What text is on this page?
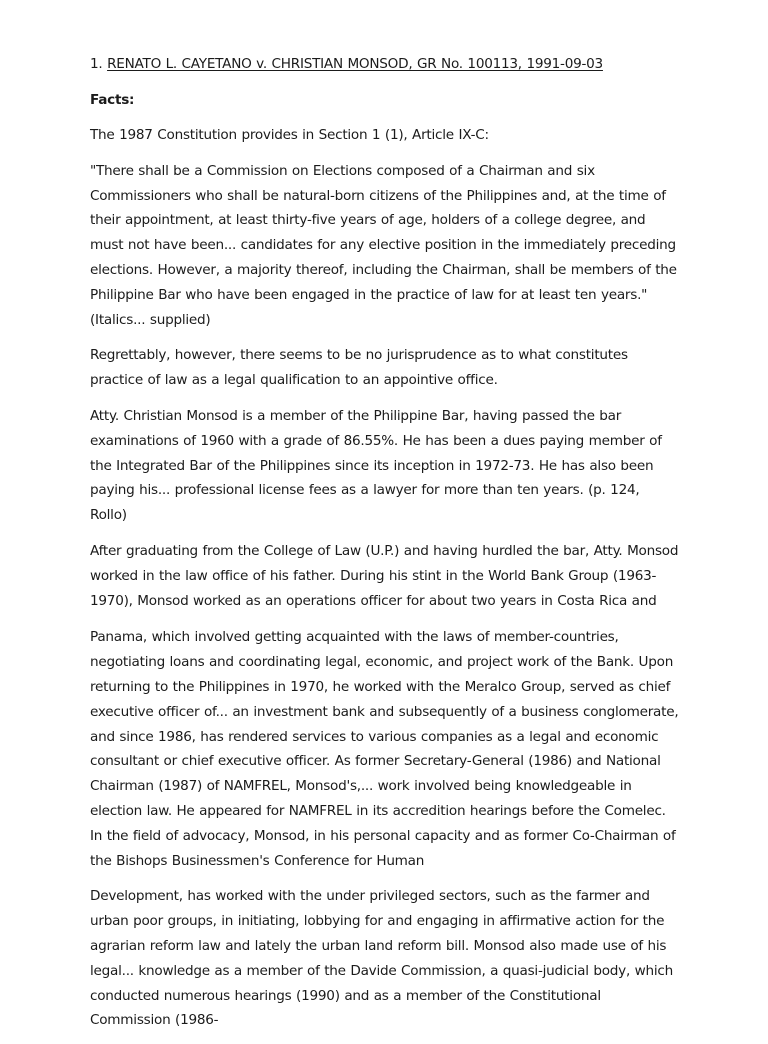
1. RENATO L. CAYETANO v. CHRISTIAN MONSOD, GR No. 100113, 1991-09-03
Facts:

The 1987 Constitution provides in Section 1 (1), Article IX-C:

"There shall be a Commission on Elections composed of a Chairman and six Commissioners who shall be natural-born citizens of the Philippines and, at the time of their appointment, at least thirty-five years of age, holders of a college degree, and must not have been... candidates for any elective position in the immediately preceding elections. However, a majority thereof, including the Chairman, shall be members of the Philippine Bar who have been engaged in the practice of law for at least ten years." (Italics... supplied)

Regrettably, however, there seems to be no jurisprudence as to what constitutes practice of law as a legal qualification to an appointive office.

Atty. Christian Monsod is a member of the Philippine Bar, having passed the bar examinations of 1960 with a grade of 86.55%. He has been a dues paying member of the Integrated Bar of the Philippines since its inception in 1972-73. He has also been paying his... professional license fees as a lawyer for more than ten years. (p. 124, Rollo)

After graduating from the College of Law (U.P.) and having hurdled the bar, Atty. Monsod worked in the law office of his father. During his stint in the World Bank Group (1963-1970), Monsod worked as an operations officer for about two years in Costa Rica and

Panama, which involved getting acquainted with the laws of member-countries, negotiating loans and coordinating legal, economic, and project work of the Bank. Upon returning to the Philippines in 1970, he worked with the Meralco Group, served as chief executive officer of... an investment bank and subsequently of a business conglomerate, and since 1986, has rendered services to various companies as a legal and economic consultant or chief executive officer. As former Secretary-General (1986) and National Chairman (1987) of NAMFREL, Monsod's,... work involved being knowledgeable in election law. He appeared for NAMFREL in its accredition hearings before the Comelec. In the field of advocacy, Monsod, in his personal capacity and as former Co-Chairman of the Bishops Businessmen's Conference for Human

Development, has worked with the under privileged sectors, such as the farmer and urban poor groups, in initiating, lobbying for and engaging in affirmative action for the agrarian reform law and lately the urban land reform bill. Monsod also made use of his legal... knowledge as a member of the Davide Commission, a quasi-judicial body, which conducted numerous hearings (1990) and as a member of the Constitutional Commission (1986-
